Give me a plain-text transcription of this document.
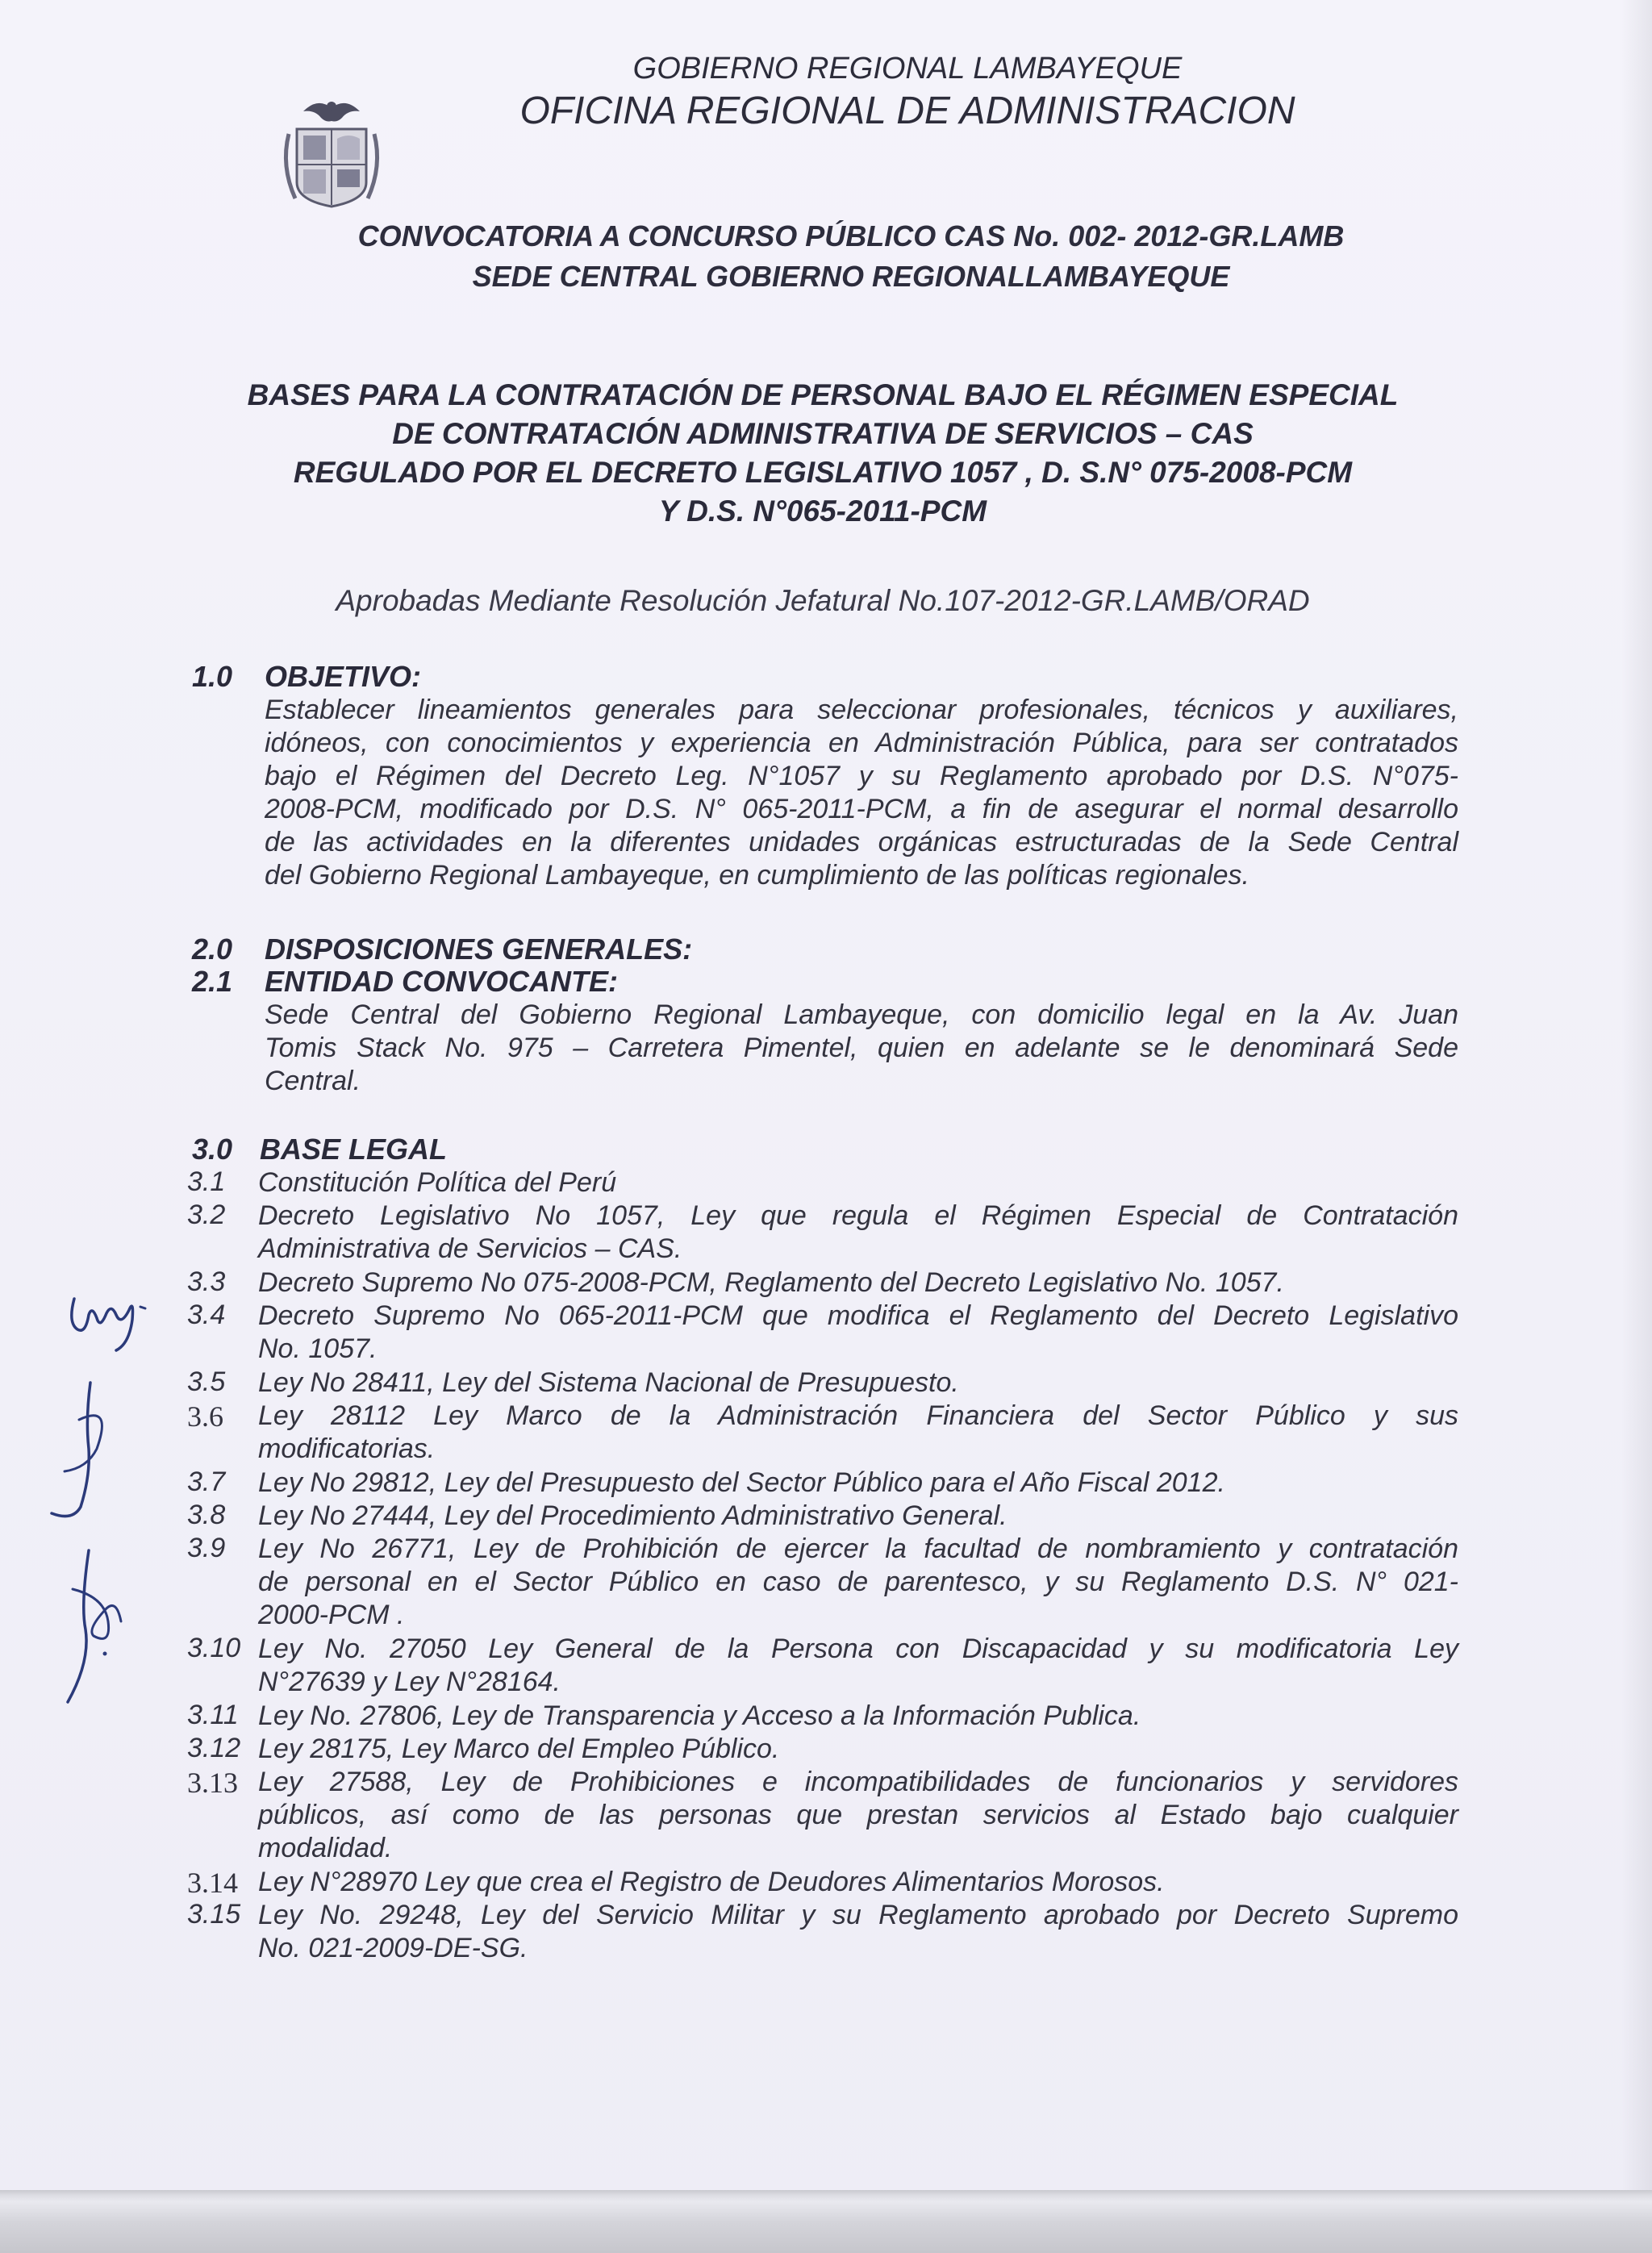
GOBIERNO REGIONAL LAMBAYEQUE
OFICINA REGIONAL DE ADMINISTRACION
CONVOCATORIA A CONCURSO PÚBLICO CAS No. 002- 2012-GR.LAMB
SEDE CENTRAL GOBIERNO REGIONALLAMBAYEQUE
BASES PARA LA CONTRATACIÓN DE PERSONAL BAJO EL RÉGIMEN ESPECIAL
DE CONTRATACIÓN ADMINISTRATIVA DE SERVICIOS – CAS
REGULADO POR EL DECRETO LEGISLATIVO 1057 , D. S.N° 075-2008-PCM
Y D.S. N°065-2011-PCM
Aprobadas Mediante Resolución Jefatural No.107-2012-GR.LAMB/ORAD
1.0 OBJETIVO:
Establecer lineamientos generales para seleccionar profesionales, técnicos y auxiliares,
idóneos, con conocimientos y experiencia en Administración Pública, para ser contratados
bajo el Régimen del Decreto Leg. N°1057 y su Reglamento aprobado por D.S. N°075-
2008-PCM, modificado por D.S. N° 065-2011-PCM, a fin de asegurar el normal desarrollo
de las actividades en la diferentes unidades orgánicas estructuradas de la Sede Central
del Gobierno Regional Lambayeque, en cumplimiento de las políticas regionales.
2.0 DISPOSICIONES GENERALES:
2.1 ENTIDAD CONVOCANTE:
Sede Central del Gobierno Regional Lambayeque, con domicilio legal en la Av. Juan
Tomis Stack No. 975 – Carretera Pimentel, quien en adelante se le denominará Sede
Central.
3.0 BASE LEGAL
3.1 Constitución Política del Perú
3.2 Decreto Legislativo No 1057, Ley que regula el Régimen Especial de Contratación
Administrativa de Servicios – CAS.
3.3 Decreto Supremo No 075-2008-PCM, Reglamento del Decreto Legislativo No. 1057.
3.4 Decreto Supremo No 065-2011-PCM que modifica el Reglamento del Decreto Legislativo
No. 1057.
3.5 Ley No 28411, Ley del Sistema Nacional de Presupuesto.
3.6 Ley 28112 Ley Marco de la Administración Financiera del Sector Público y sus
modificatorias.
3.7 Ley No 29812, Ley del Presupuesto del Sector Público para el Año Fiscal 2012.
3.8 Ley No 27444, Ley del Procedimiento Administrativo General.
3.9 Ley No 26771, Ley de Prohibición de ejercer la facultad de nombramiento y contratación
de personal en el Sector Público en caso de parentesco, y su Reglamento D.S. N° 021-
2000-PCM .
3.10 Ley No. 27050 Ley General de la Persona con Discapacidad y su modificatoria Ley
N°27639 y Ley N°28164.
3.11 Ley No. 27806, Ley de Transparencia y Acceso a la Información Publica.
3.12 Ley 28175, Ley Marco del Empleo Público.
3.13 Ley 27588, Ley de Prohibiciones e incompatibilidades de funcionarios y servidores
públicos, así como de las personas que prestan servicios al Estado bajo cualquier
modalidad.
3.14 Ley N°28970 Ley que crea el Registro de Deudores Alimentarios Morosos.
3.15 Ley No. 29248, Ley del Servicio Militar y su Reglamento aprobado por Decreto Supremo
No. 021-2009-DE-SG.
